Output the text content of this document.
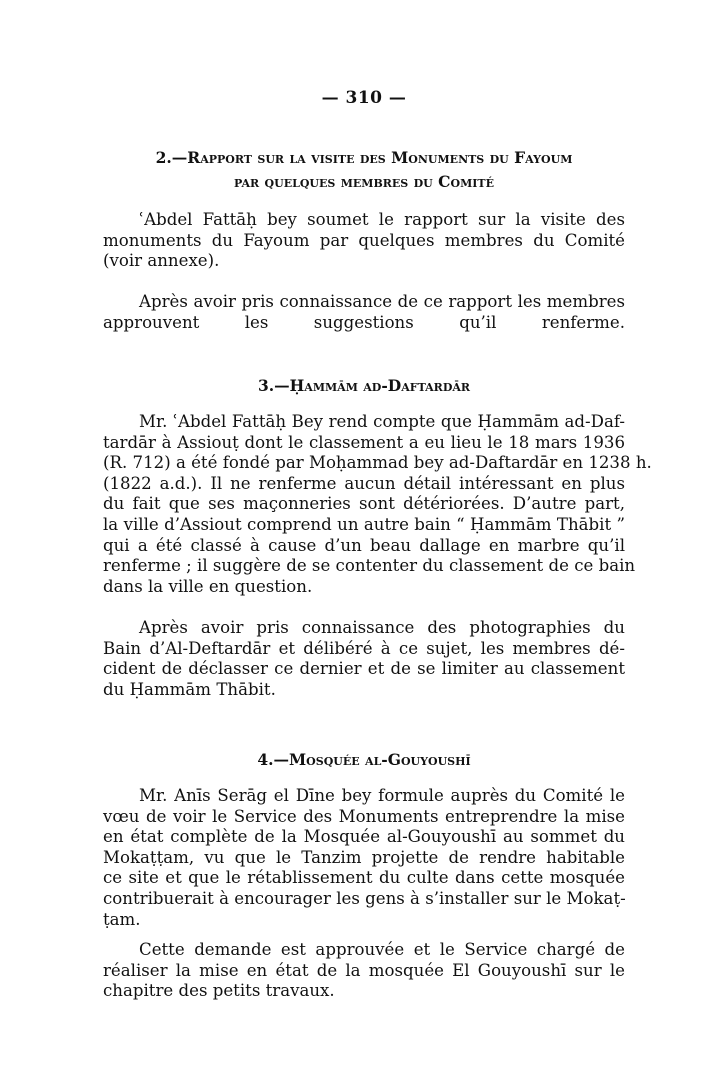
— 310 —
2.—Rapport sur la visite des Monuments du Fayoum
par quelques membres du Comité
ʿAbdel Fattāḥ bey soumet le rapport sur la visite des
monuments du Fayoum par quelques membres du Comité
(voir annexe).
Après avoir pris connaissance de ce rapport les membres
approuvent les suggestions qu’il renferme.
3.—Ḥammām ad-Daftardār
Mr. ʿAbdel Fattāḥ Bey rend compte que Ḥammām ad-Daf-
tardār à Assiouṭ dont le classement a eu lieu le 18 mars 1936
(R. 712) a été fondé par Moḥammad bey ad-Daftardār en 1238 h.
(1822 a.d.). Il ne renferme aucun détail intéressant en plus
du fait que ses maçonneries sont détériorées. D’autre part,
la ville d’Assiout comprend un autre bain “ Ḥammām Thābit ”
qui a été classé à cause d’un beau dallage en marbre qu’il
renferme ; il suggère de se contenter du classement de ce bain
dans la ville en question.
Après avoir pris connaissance des photographies du
Bain d’Al-Deftardār et délibéré à ce sujet, les membres dé-
cident de déclasser ce dernier et de se limiter au classement
du Ḥammām Thābit.
4.—Mosquée al-Gouyoushī
Mr. Anīs Serāg el Dīne bey formule auprès du Comité le
vœu de voir le Service des Monuments entreprendre la mise
en état complète de la Mosquée al-Gouyoushī au sommet du
Mokaṭṭam, vu que le Tanzim projette de rendre habitable
ce site et que le rétablissement du culte dans cette mosquée
contribuerait à encourager les gens à s’installer sur le Mokaṭ-
ṭam.
Cette demande est approuvée et le Service chargé de
réaliser la mise en état de la mosquée El Gouyoushī sur le
chapitre des petits travaux.
